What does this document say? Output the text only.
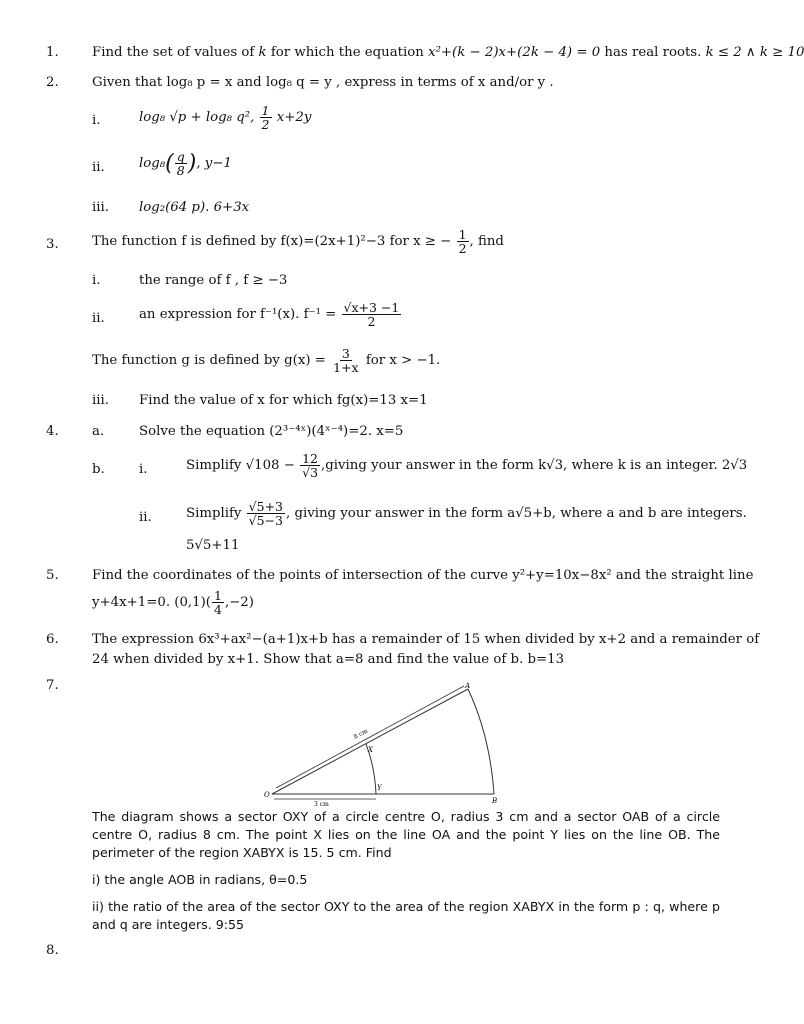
1.	Find the set of values of k for which the equation x²+(k − 2)x+(2k − 4) = 0 has real roots. k ≤ 2 ∧ k ≥ 10
2.	Given that log₈ p = x and log₈ q = y , express in terms of x and/or y .
i.	log₈ √p + log₈ q², $\frac{1}{2} x+2y$
ii.	$\log_8( \frac{q}{8}$ ), y−1
iii. log₂(64 p). 6+3x
3.	The function f is defined by f(x)=(2x+1)²−3 for x ≥ − $\frac{1}{2}$ , find
i.	the range of f , f ≥ −3
ii.	an expression for f⁻¹(x). $f^{-1} = \frac{√x+3 -1}{2}$
The function g is defined by $g(x) = \frac{3}{1+x}$ for x > −1.
iii. Find the value of x for which fg(x)=13 x=1
4.	a.	Solve the equation (2³⁻⁴ˣ)(4ˣ⁻⁴)=2. x=5
b.	i.	Simplify $√108 - \frac{12}{√3}$ ,giving your answer in the form k√3, where k is an integer. 2√3
ii.	Simplify $\frac{√5+3}{√5-3}$ , giving your answer in the form a√5+b, where a and b are integers.
5√5+11
5.	Find the coordinates of the points of intersection of the curve y²+y=10x−8x² and the straight line
y+4x+1=0. $(0,1)( \frac{1}{4} ,-2)$
6.	The expression 6x³+ax²−(a+1)x+b has a remainder of 15 when divided by x+2 and a remainder of
24 when divided by x+1. Show that a=8 and find the value of b. b=13
7.	A
B
O
X
Y
8 cm
3 cm
The diagram shows a sector OXY of a circle centre O, radius 3 cm and a sector OAB of a circle centre O, radius 8 cm. The point X lies on the line OA and the point Y lies on the line OB. The perimeter of the region XABYX is 15. 5 cm. Find
i) the angle AOB in radians, θ=0.5
ii) the ratio of the area of the sector OXY to the area of the region XABYX in the form p : q, where p and q are integers. 9:55
8.
